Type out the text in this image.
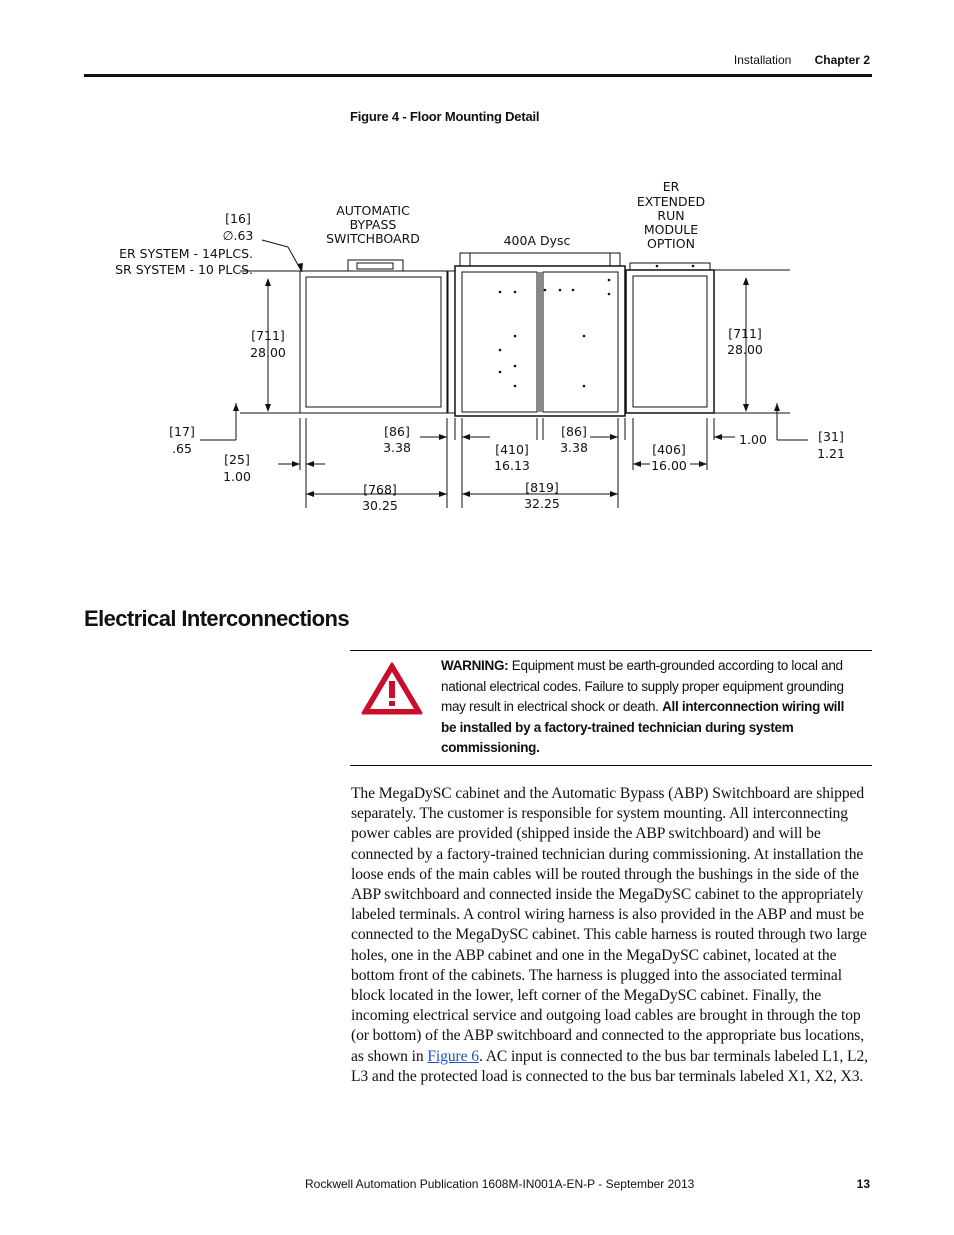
Installation Chapter 2
Figure 4 - Floor Mounting Detail
AUTOMATIC
BYPASS
SWITCHBOARD	400A Dysc
ER
EXTENDED
RUN
MODULE
OPTION
[16]
∅.63
ER SYSTEM - 14PLCS.
SR SYSTEM - 10 PLCS.
[711]
28.00
[711]
28.00
[17]
.65
[25]
1.00
[86]
3.38	[410]
16.13
[86]
3.38	[406]
16.00
1.00	[31]
1.21
[768]
30.25
[819]
32.25
Electrical Interconnections
WARNING: Equipment must be earth-grounded according to local and national electrical codes. Failure to supply proper equipment grounding may result in electrical shock or death. All interconnection wiring will be installed by a factory-trained technician during system commissioning.
The MegaDySC cabinet and the Automatic Bypass (ABP) Switchboard are shipped separately. The customer is responsible for system mounting. All interconnecting power cables are provided (shipped inside the ABP switchboard) and will be connected by a factory-trained technician during commissioning. At installation the loose ends of the main cables will be routed through the bushings in the side of the ABP switchboard and connected inside the MegaDySC cabinet to the appropriately labeled terminals. A control wiring harness is also provided in the ABP and must be connected to the MegaDySC cabinet. This cable harness is routed through two large holes, one in the ABP cabinet and one in the MegaDySC cabinet, located at the bottom front of the cabinets. The harness is plugged into the associated terminal block located in the lower, left corner of the MegaDySC cabinet. Finally, the incoming electrical service and outgoing load cables are brought in through the top (or bottom) of the ABP switchboard and connected to the appropriate bus locations, as shown in Figure 6. AC input is connected to the bus bar terminals labeled L1, L2, L3 and the protected load is connected to the bus bar terminals labeled X1, X2, X3.
Rockwell Automation Publication 1608M-IN001A-EN-P - September 2013	13
